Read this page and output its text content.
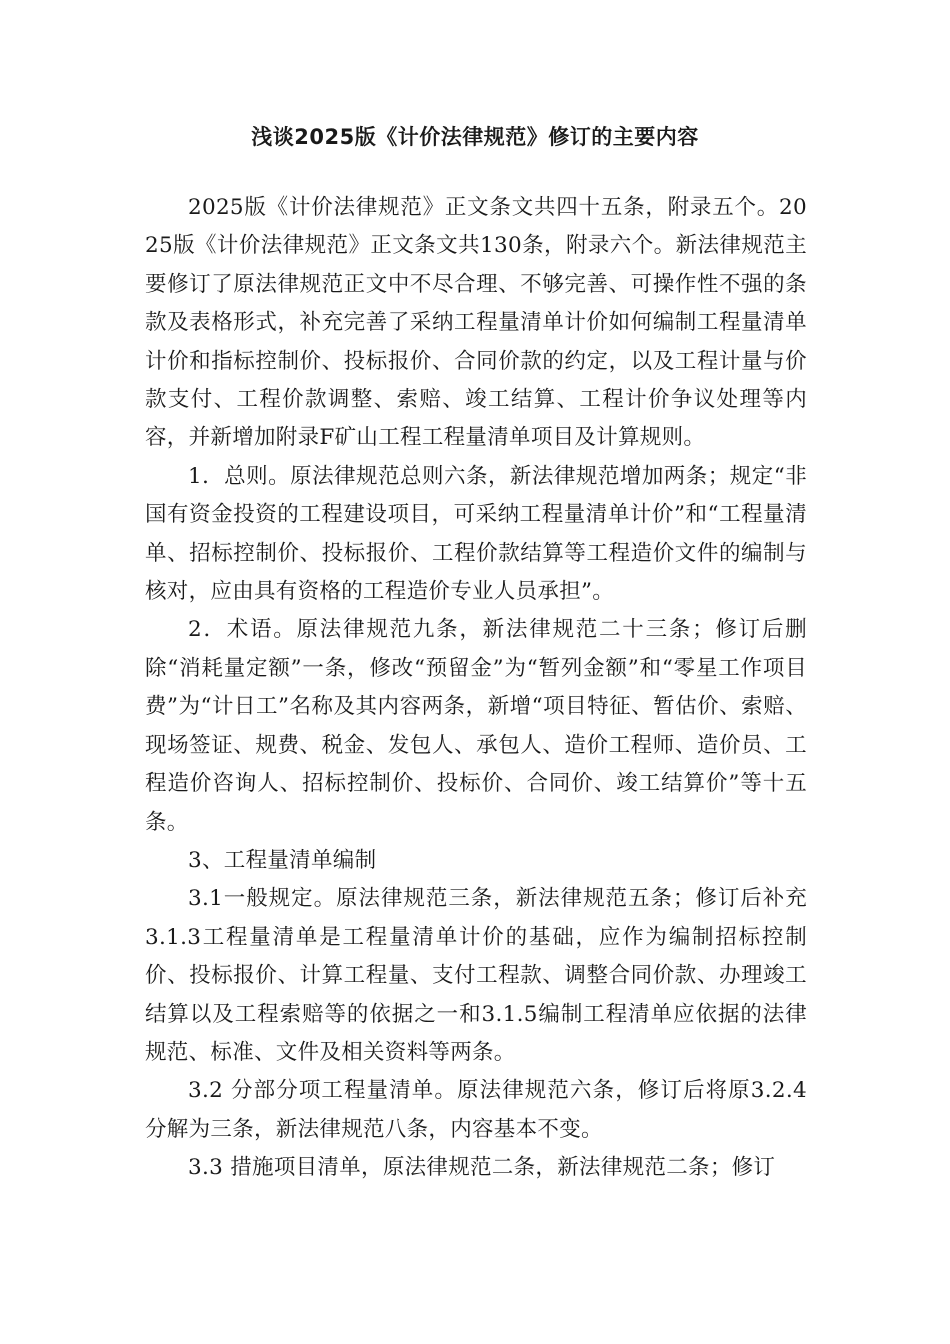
浅谈2025版《计价法律规范》修订的主要内容

2025版《计价法律规范》正文条文共四十五条，附录五个。2025版《计价法律规范》正文条文共130条，附录六个。新法律规范主要修订了原法律规范正文中不尽合理、不够完善、可操作性不强的条款及表格形式，补充完善了采纳工程量清单计价如何编制工程量清单计价和指标控制价、投标报价、合同价款的约定，以及工程计量与价款支付、工程价款调整、索赔、竣工结算、工程计价争议处理等内容，并新增加附录F矿山工程工程量清单项目及计算规则。

1．总则。原法律规范总则六条，新法律规范增加两条；规定“非国有资金投资的工程建设项目，可采纳工程量清单计价”和“工程量清单、招标控制价、投标报价、工程价款结算等工程造价文件的编制与核对，应由具有资格的工程造价专业人员承担”。

2．术语。原法律规范九条，新法律规范二十三条；修订后删除“消耗量定额”一条，修改“预留金”为“暂列金额”和“零星工作项目费”为“计日工”名称及其内容两条，新增“项目特征、暂估价、索赔、现场签证、规费、税金、发包人、承包人、造价工程师、造价员、工程造价咨询人、招标控制价、投标价、合同价、竣工结算价”等十五条。

3、工程量清单编制

3.1一般规定。原法律规范三条，新法律规范五条；修订后补充3.1.3工程量清单是工程量清单计价的基础，应作为编制招标控制价、投标报价、计算工程量、支付工程款、调整合同价款、办理竣工结算以及工程索赔等的依据之一和3.1.5编制工程清单应依据的法律规范、标准、文件及相关资料等两条。

3.2 分部分项工程量清单。原法律规范六条，修订后将原3.2.4分解为三条，新法律规范八条，内容基本不变。

3.3 措施项目清单，原法律规范二条，新法律规范二条；修订
